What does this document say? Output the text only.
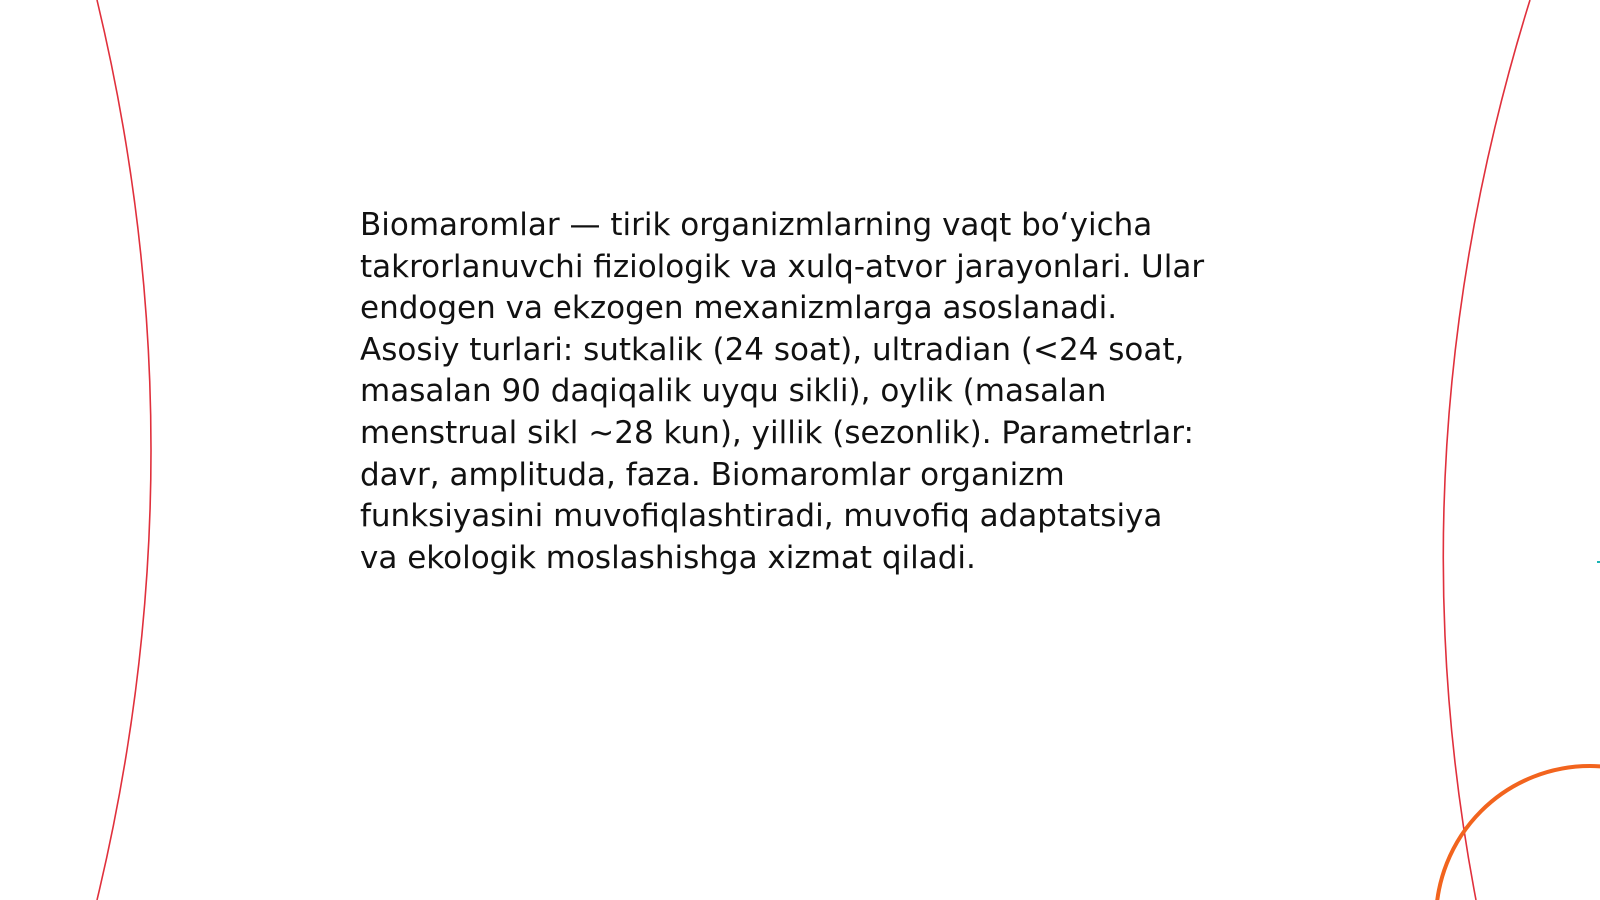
Biomaromlar — tirik organizmlarning vaqt bo‘yicha
takrorlanuvchi fiziologik va xulq-atvor jarayonlari. Ular
endogen va ekzogen mexanizmlarga asoslanadi.
Asosiy turlari: sutkalik (24 soat), ultradian (<24 soat,
masalan 90 daqiqalik uyqu sikli), oylik (masalan
menstrual sikl ~28 kun), yillik (sezonlik). Parametrlar:
davr, amplituda, faza. Biomaromlar organizm
funksiyasini muvofiqlashtiradi, muvofiq adaptatsiya
va ekologik moslashishga xizmat qiladi.
